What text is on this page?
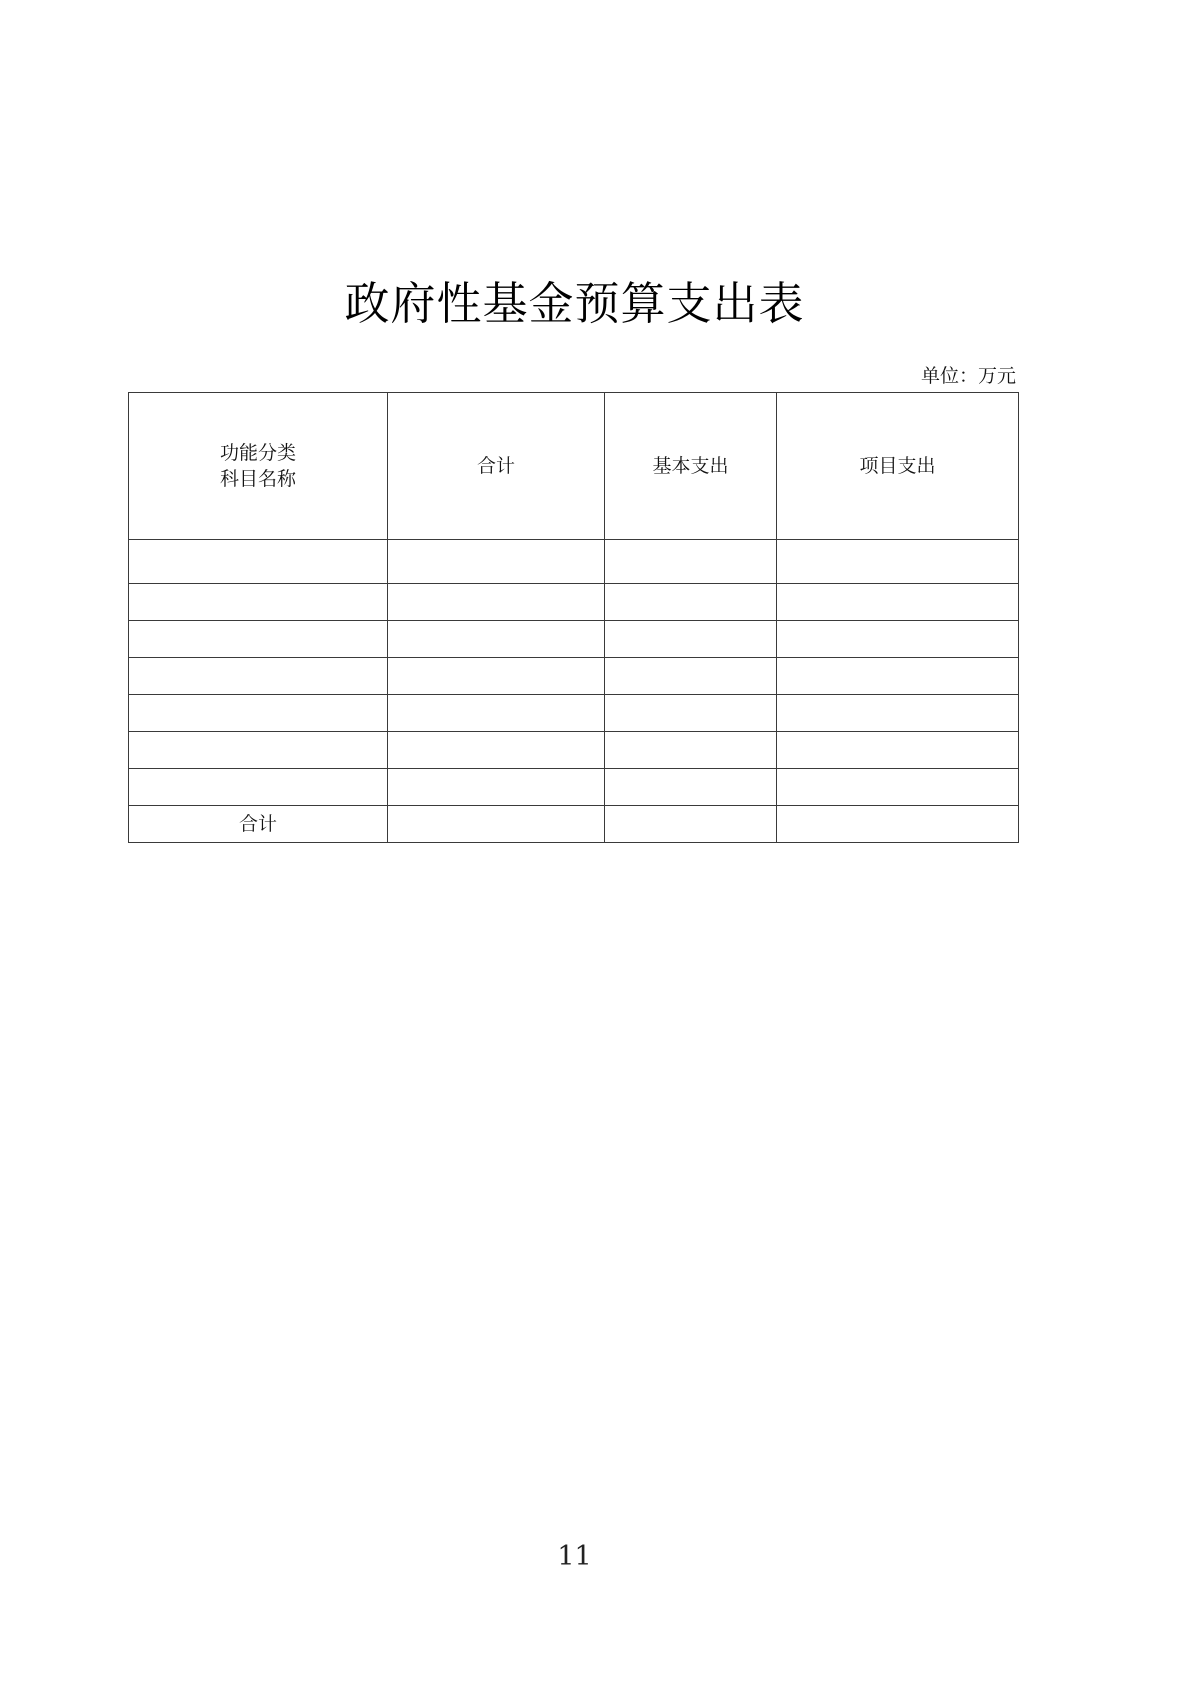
政府性基金预算支出表
单位：万元
功能分类
科目名称	合计	基本支出	项目支出

合计			
11
